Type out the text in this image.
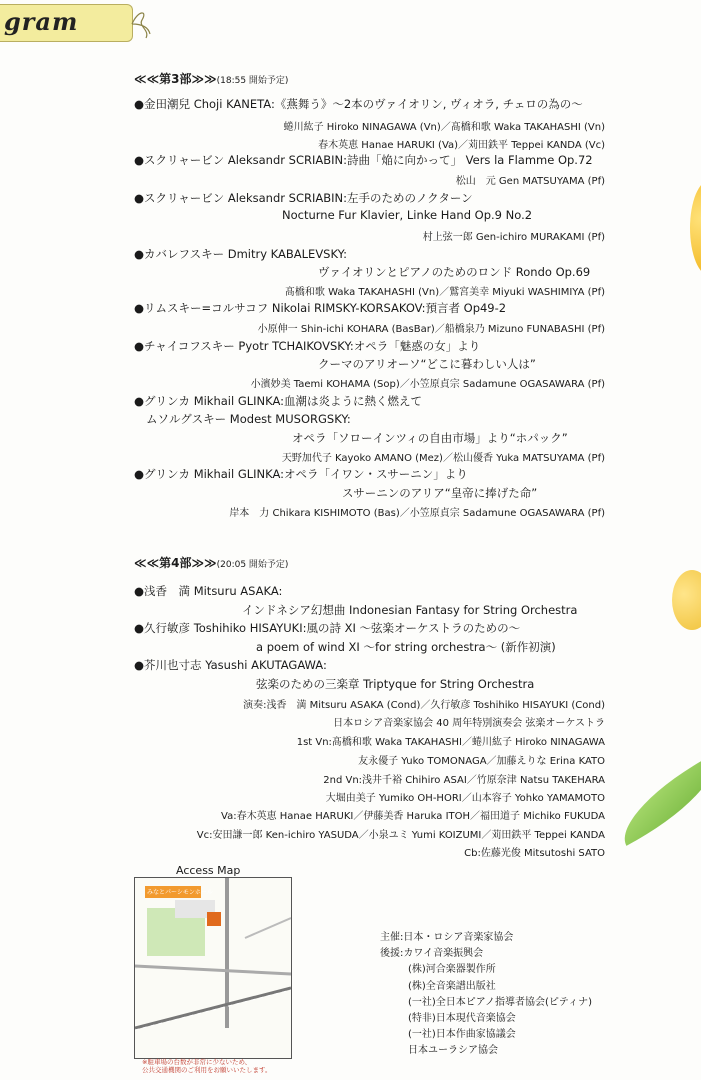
gram
≪≪第3部≫≫(18:55 開始予定)
●金田潮兒 Choji KANETA:《燕舞う》～2本のヴァイオリン, ヴィオラ, チェロの為の～
蜷川紘子 Hiroko NINAGAWA (Vn)／髙橋和歌 Waka TAKAHASHI (Vn)
春木英恵 Hanae HARUKI (Va)／苅田鉄平 Teppei KANDA (Vc)
●スクリャービン Aleksandr SCRIABIN:詩曲「焔に向かって」 Vers la Flamme Op.72
松山　元 Gen MATSUYAMA (Pf)
●スクリャービン Aleksandr SCRIABIN:左手のためのノクターン
Nocturne Fur Klavier, Linke Hand Op.9 No.2
村上弦一郎 Gen-ichiro MURAKAMI (Pf)
●カバレフスキー Dmitry KABALEVSKY:
ヴァイオリンとピアノのためのロンド Rondo Op.69
髙橋和歌 Waka TAKAHASHI (Vn)／鷲宮美幸 Miyuki WASHIMIYA (Pf)
●リムスキー=コルサコフ Nikolai RIMSKY-KORSAKOV:預言者 Op49-2
小原伸一 Shin-ichi KOHARA (BasBar)／船橋泉乃 Mizuno FUNABASHI (Pf)
●チャイコフスキー Pyotr TCHAIKOVSKY:オペラ「魅惑の女」より
クーマのアリオーソ“どこに暮わしい人は”
小濱妙美 Taemi KOHAMA (Sop)／小笠原貞宗 Sadamune OGASAWARA (Pf)
●グリンカ Mikhail GLINKA:血潮は炎ように熱く燃えて
ムソルグスキー Modest MUSORGSKY:
オペラ「ソローインツィの自由市場」より“ホパック”
天野加代子 Kayoko AMANO (Mez)／松山優香 Yuka MATSUYAMA (Pf)
●グリンカ Mikhail GLINKA:オペラ「イワン・スサーニン」より
スサーニンのアリア“皇帝に捧げた命”
岸本　力 Chikara KISHIMOTO (Bas)／小笠原貞宗 Sadamune OGASAWARA (Pf)
≪≪第4部≫≫(20:05 開始予定)
●浅香　満 Mitsuru ASAKA:
インドネシア幻想曲 Indonesian Fantasy for String Orchestra
●久行敏彦 Toshihiko HISAYUKI:風の詩 XI ～弦楽オーケストラのための～
a poem of wind XI ～for string orchestra～ (新作初演)
●芥川也寸志 Yasushi AKUTAGAWA:
弦楽のための三楽章 Triptyque for String Orchestra
演奏:浅香　満 Mitsuru ASAKA (Cond)／久行敏彦 Toshihiko HISAYUKI (Cond)
日本ロシア音楽家協会 40 周年特別演奏会 弦楽オーケストラ
1st Vn:髙橋和歌 Waka TAKAHASHI／蜷川紘子 Hiroko NINAGAWA
友永優子 Yuko TOMONAGA／加藤えりな Erina KATO
2nd Vn:浅井千裕 Chihiro ASAI／竹原奈津 Natsu TAKEHARA
大堀由美子 Yumiko OH-HORI／山本容子 Yohko YAMAMOTO
Va:春木英恵 Hanae HARUKI／伊藤美香 Haruka ITOH／福田道子 Michiko FUKUDA
Vc:安田謙一郎 Ken-ichiro YASUDA／小泉ユミ Yumi KOIZUMI／苅田鉄平 Teppei KANDA
Cb:佐藤光俊 Mitsutoshi SATO
Access Map
みなとパーシモンホール
※駐車場の台数が非常に少ないため、
公共交通機関のご利用をお願いいたします。
主催:日本・ロシア音楽家協会
後援:カワイ音楽振興会
(株)河合楽器製作所
(株)全音楽譜出版社
(一社)全日本ピアノ指導者協会(ピティナ)
(特非)日本現代音楽協会
(一社)日本作曲家協議会
日本ユーラシア協会
